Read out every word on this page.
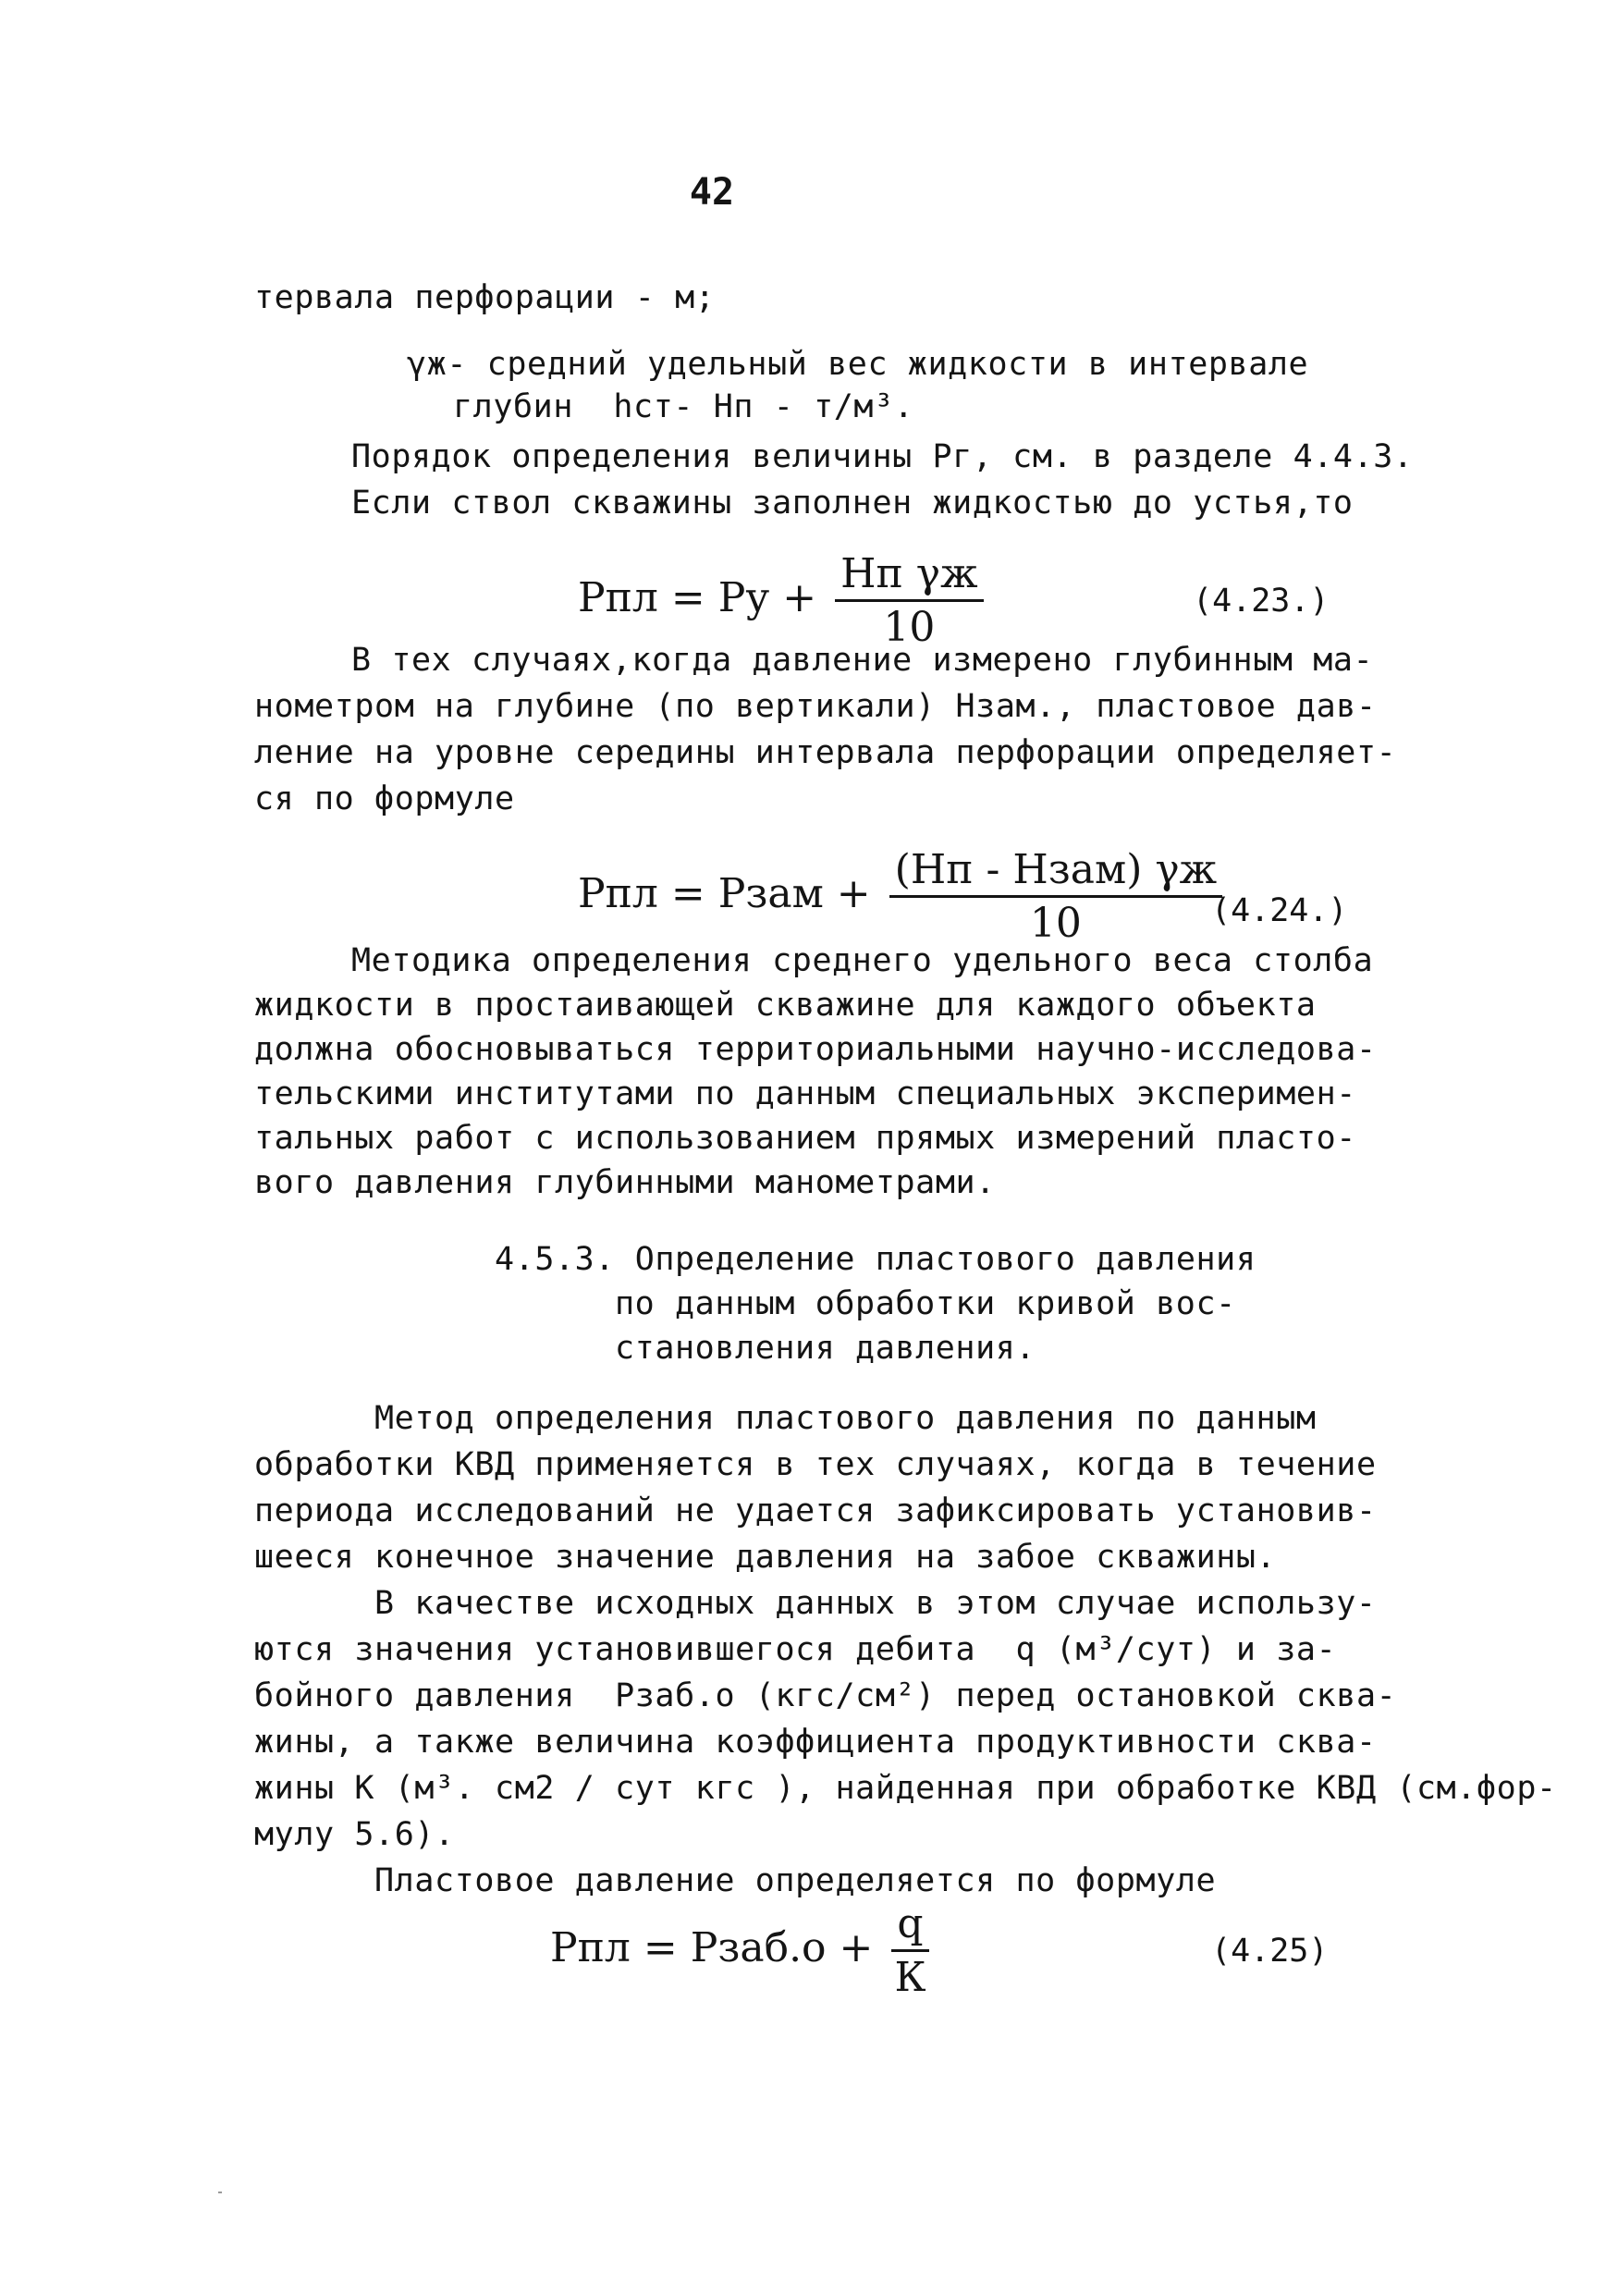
42
тервала перфорации - м;
γж- средний удельный вес жидкости в интервале
глубин  hст- Hп - т/м³.
Порядок определения величины Pг, см. в разделе 4.4.3.
Если ствол скважины заполнен жидкостью до устья,то
Pпл = Pу + $\frac{\text{Hп γж}}{10}$	(4.23.)
В тех случаях,когда давление измерено глубинным ма-
нометром на глубине (по вертикали) Hзам., пластовое дав-
ление на уровне середины интервала перфорации определяет-
ся по формуле
Pпл = Pзам + $\frac{\text{(Hп - Hзам) γж}}{10}$
(4.24.)
Методика определения среднего удельного веса столба
жидкости в простаивающей скважине для каждого объекта
должна обосновываться территориальными научно-исследова-
тельскими институтами по данным специальных эксперимен-
тальных работ с использованием прямых измерений пласто-
вого давления глубинными манометрами.
4.5.3. Определение пластового давления
по данным обработки кривой вос-
становления давления.
Метод определения пластового давления по данным
обработки КВД применяется в тех случаях, когда в течение
периода исследований не удается зафиксировать установив-
шееся конечное значение давления на забое скважины.
В качестве исходных данных в этом случае использу-
ются значения установившегося дебита  q (м³/сут) и за-
бойного давления  Pзаб.о (кгс/см²) перед остановкой сква-
жины, а также величина коэффициента продуктивности сква-
жины К (м³. см2 / сут кгс ), найденная при обработке КВД (см.фор-
мулу 5.6).
Пластовое давление определяется по формуле
Pпл = Pзаб.о + $\frac{q}{К}$	(4.25)
